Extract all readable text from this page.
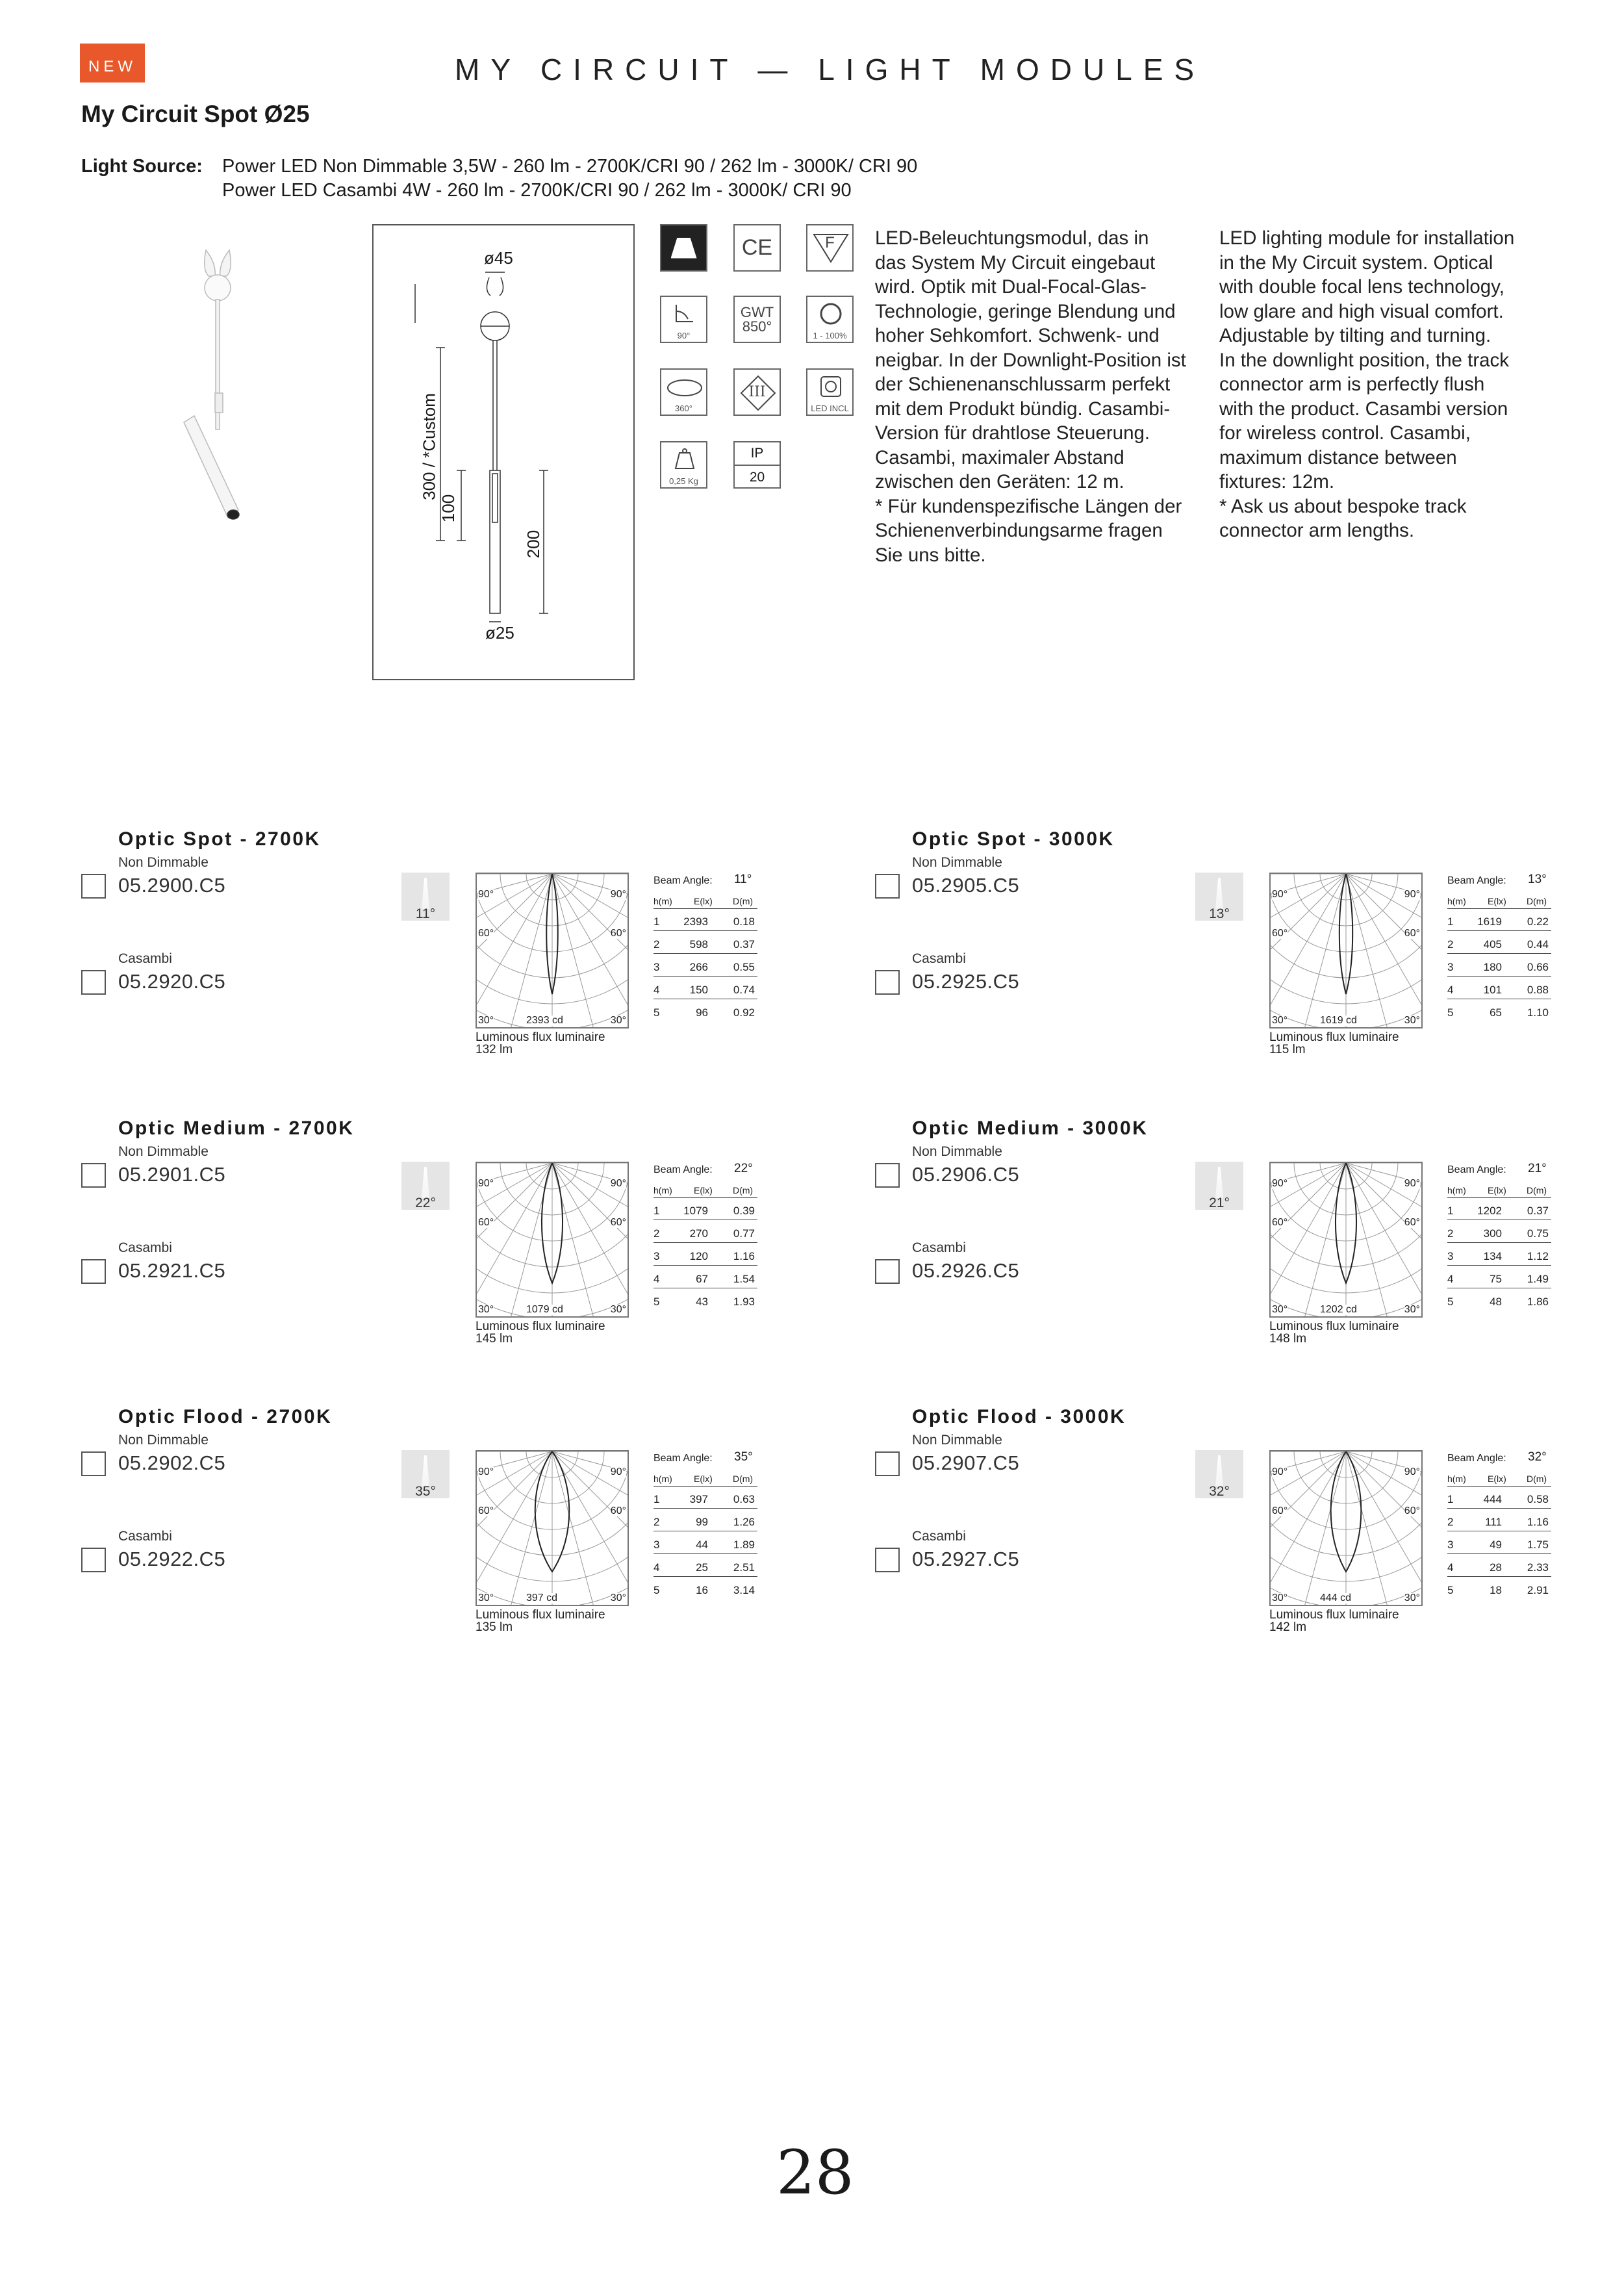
NEW	MY CIRCUIT — LIGHT MODULES
My Circuit Spot Ø25
Light Source: Power LED Non Dimmable 3,5W - 260 lm - 2700K/CRI 90 / 262 lm - 3000K/ CRI 90
Power LED Casambi 4W - 260 lm - 2700K/CRI 90 / 262 lm - 3000K/ CRI 90
ø45
ø25
300 / *Custom
100
200
CE	F
90°
GWT
850°
1 - 100%
360°
III
LED INCL
0,25 Kg
IP
20
LED-Beleuchtungsmodul, das in
das System My Circuit eingebaut
wird. Optik mit Dual-Focal-Glas-
Technologie, geringe Blendung und
hoher Sehkomfort. Schwenk- und
neigbar. In der Downlight-Position ist
der Schienenanschlussarm perfekt
mit dem Produkt bündig. Casambi-
Version für drahtlose Steuerung.
Casambi, maximaler Abstand
zwischen den Geräten: 12 m.
* Für kundenspezifische Längen der
Schienenverbindungsarme fragen
Sie uns bitte.
LED lighting module for installation
in the My Circuit system. Optical
with double focal lens technology,
low glare and high visual comfort.
Adjustable by tilting and turning.
In the downlight position, the track
connector arm is perfectly flush
with the product. Casambi version
for wireless control. Casambi,
maximum distance between
fixtures: 12m.
* Ask us about bespoke track
connector arm lengths.
Optic Spot - 2700K
Non Dimmable
05.2900.C5
Casambi
05.2920.C5
11°
90°	90°
60°	60°
30°	30°
2393 cd
Luminous flux luminaire
132 lm
Beam Angle: 11°
h(m) E(lx) D(m)
1 2393 0.18
2	598 0.37
3	266 0.55
4	150 0.74
5	96 0.92
Optic Spot - 3000K
Non Dimmable
05.2905.C5
Casambi
05.2925.C5
13°
90°	90°
60°	60°
30°	30°
1619 cd
Luminous flux luminaire
115 lm
Beam Angle: 13°
h(m) E(lx) D(m)
1 1619 0.22
2	405 0.44
3	180 0.66
4	101 0.88
5	65 1.10
Optic Medium - 2700K
Non Dimmable
05.2901.C5
Casambi
05.2921.C5
22°
90°	90°
60°	60°
30°	30°
1079 cd
Luminous flux luminaire
145 lm
Beam Angle: 22°
h(m) E(lx) D(m)
1 1079 0.39
2	270 0.77
3	120 1.16
4	67 1.54
5	43 1.93
Optic Medium - 3000K
Non Dimmable
05.2906.C5
Casambi
05.2926.C5
21°
90°	90°
60°	60°
30°	30°
1202 cd
Luminous flux luminaire
148 lm
Beam Angle: 21°
h(m) E(lx) D(m)
1 1202 0.37
2	300 0.75
3	134 1.12
4	75 1.49
5	48 1.86
Optic Flood - 2700K
Non Dimmable
05.2902.C5
Casambi
05.2922.C5
35°
90°	90°
60°	60°
30°	30°
397 cd
Luminous flux luminaire
135 lm
Beam Angle: 35°
h(m) E(lx) D(m)
1	397 0.63
2	99 1.26
3	44 1.89
4	25 2.51
5	16 3.14
Optic Flood - 3000K
Non Dimmable
05.2907.C5
Casambi
05.2927.C5
32°
90°	90°
60°	60°
30°	30°
444 cd
Luminous flux luminaire
142 lm
Beam Angle: 32°
h(m) E(lx) D(m)
1	444 0.58
2	111 1.16
3	49 1.75
4	28 2.33
5	18 2.91
28
